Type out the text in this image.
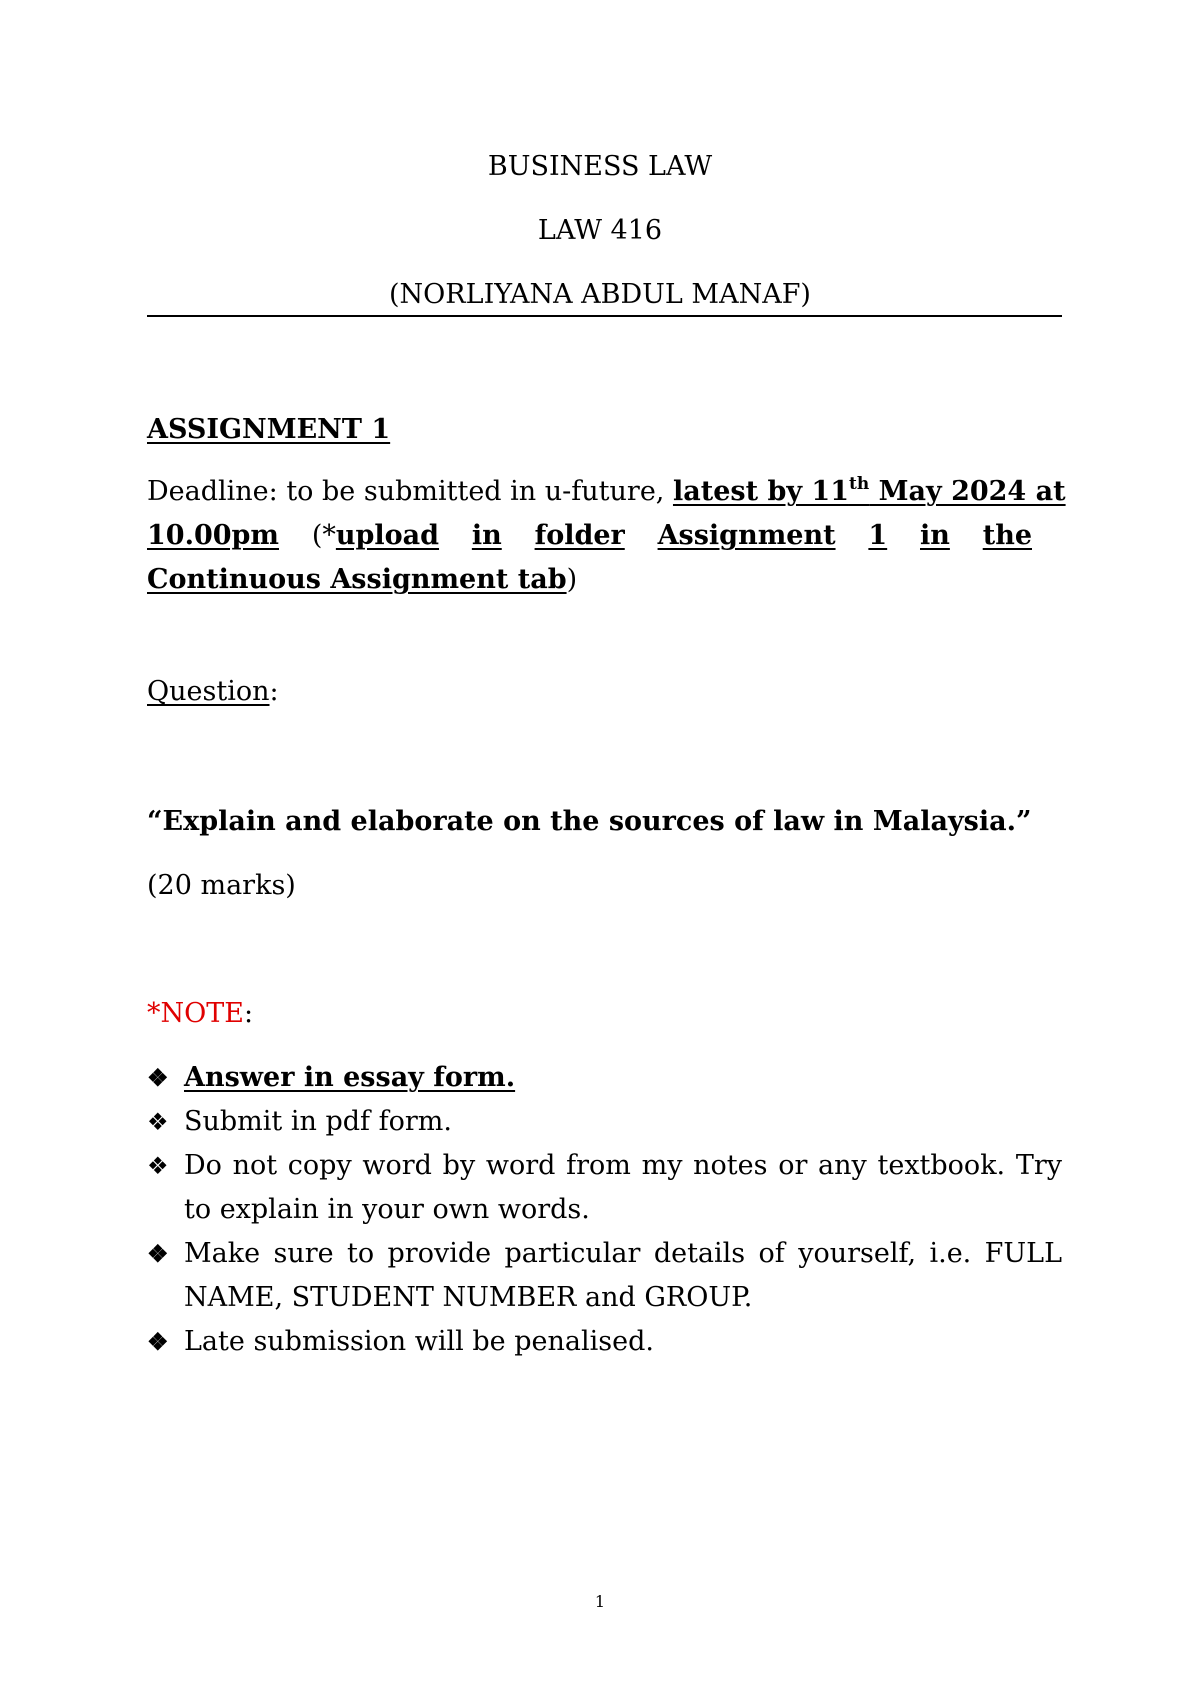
BUSINESS LAW
LAW 416
(NORLIYANA ABDUL MANAF)
ASSIGNMENT 1
Deadline: to be submitted in u-future, latest by 11th May 2024 at
10.00pm (*upload in folder Assignment 1 in the
Continuous Assignment tab)
Question:
“Explain and elaborate on the sources of law in Malaysia.”
(20 marks)
*NOTE:
❖ Answer in essay form.
❖ Submit in pdf form.
❖ Do not copy word by word from my notes or any textbook. Try to explain in your own words.
❖ Make sure to provide particular details of yourself, i.e. FULL NAME, STUDENT NUMBER and GROUP.
❖ Late submission will be penalised.
1
